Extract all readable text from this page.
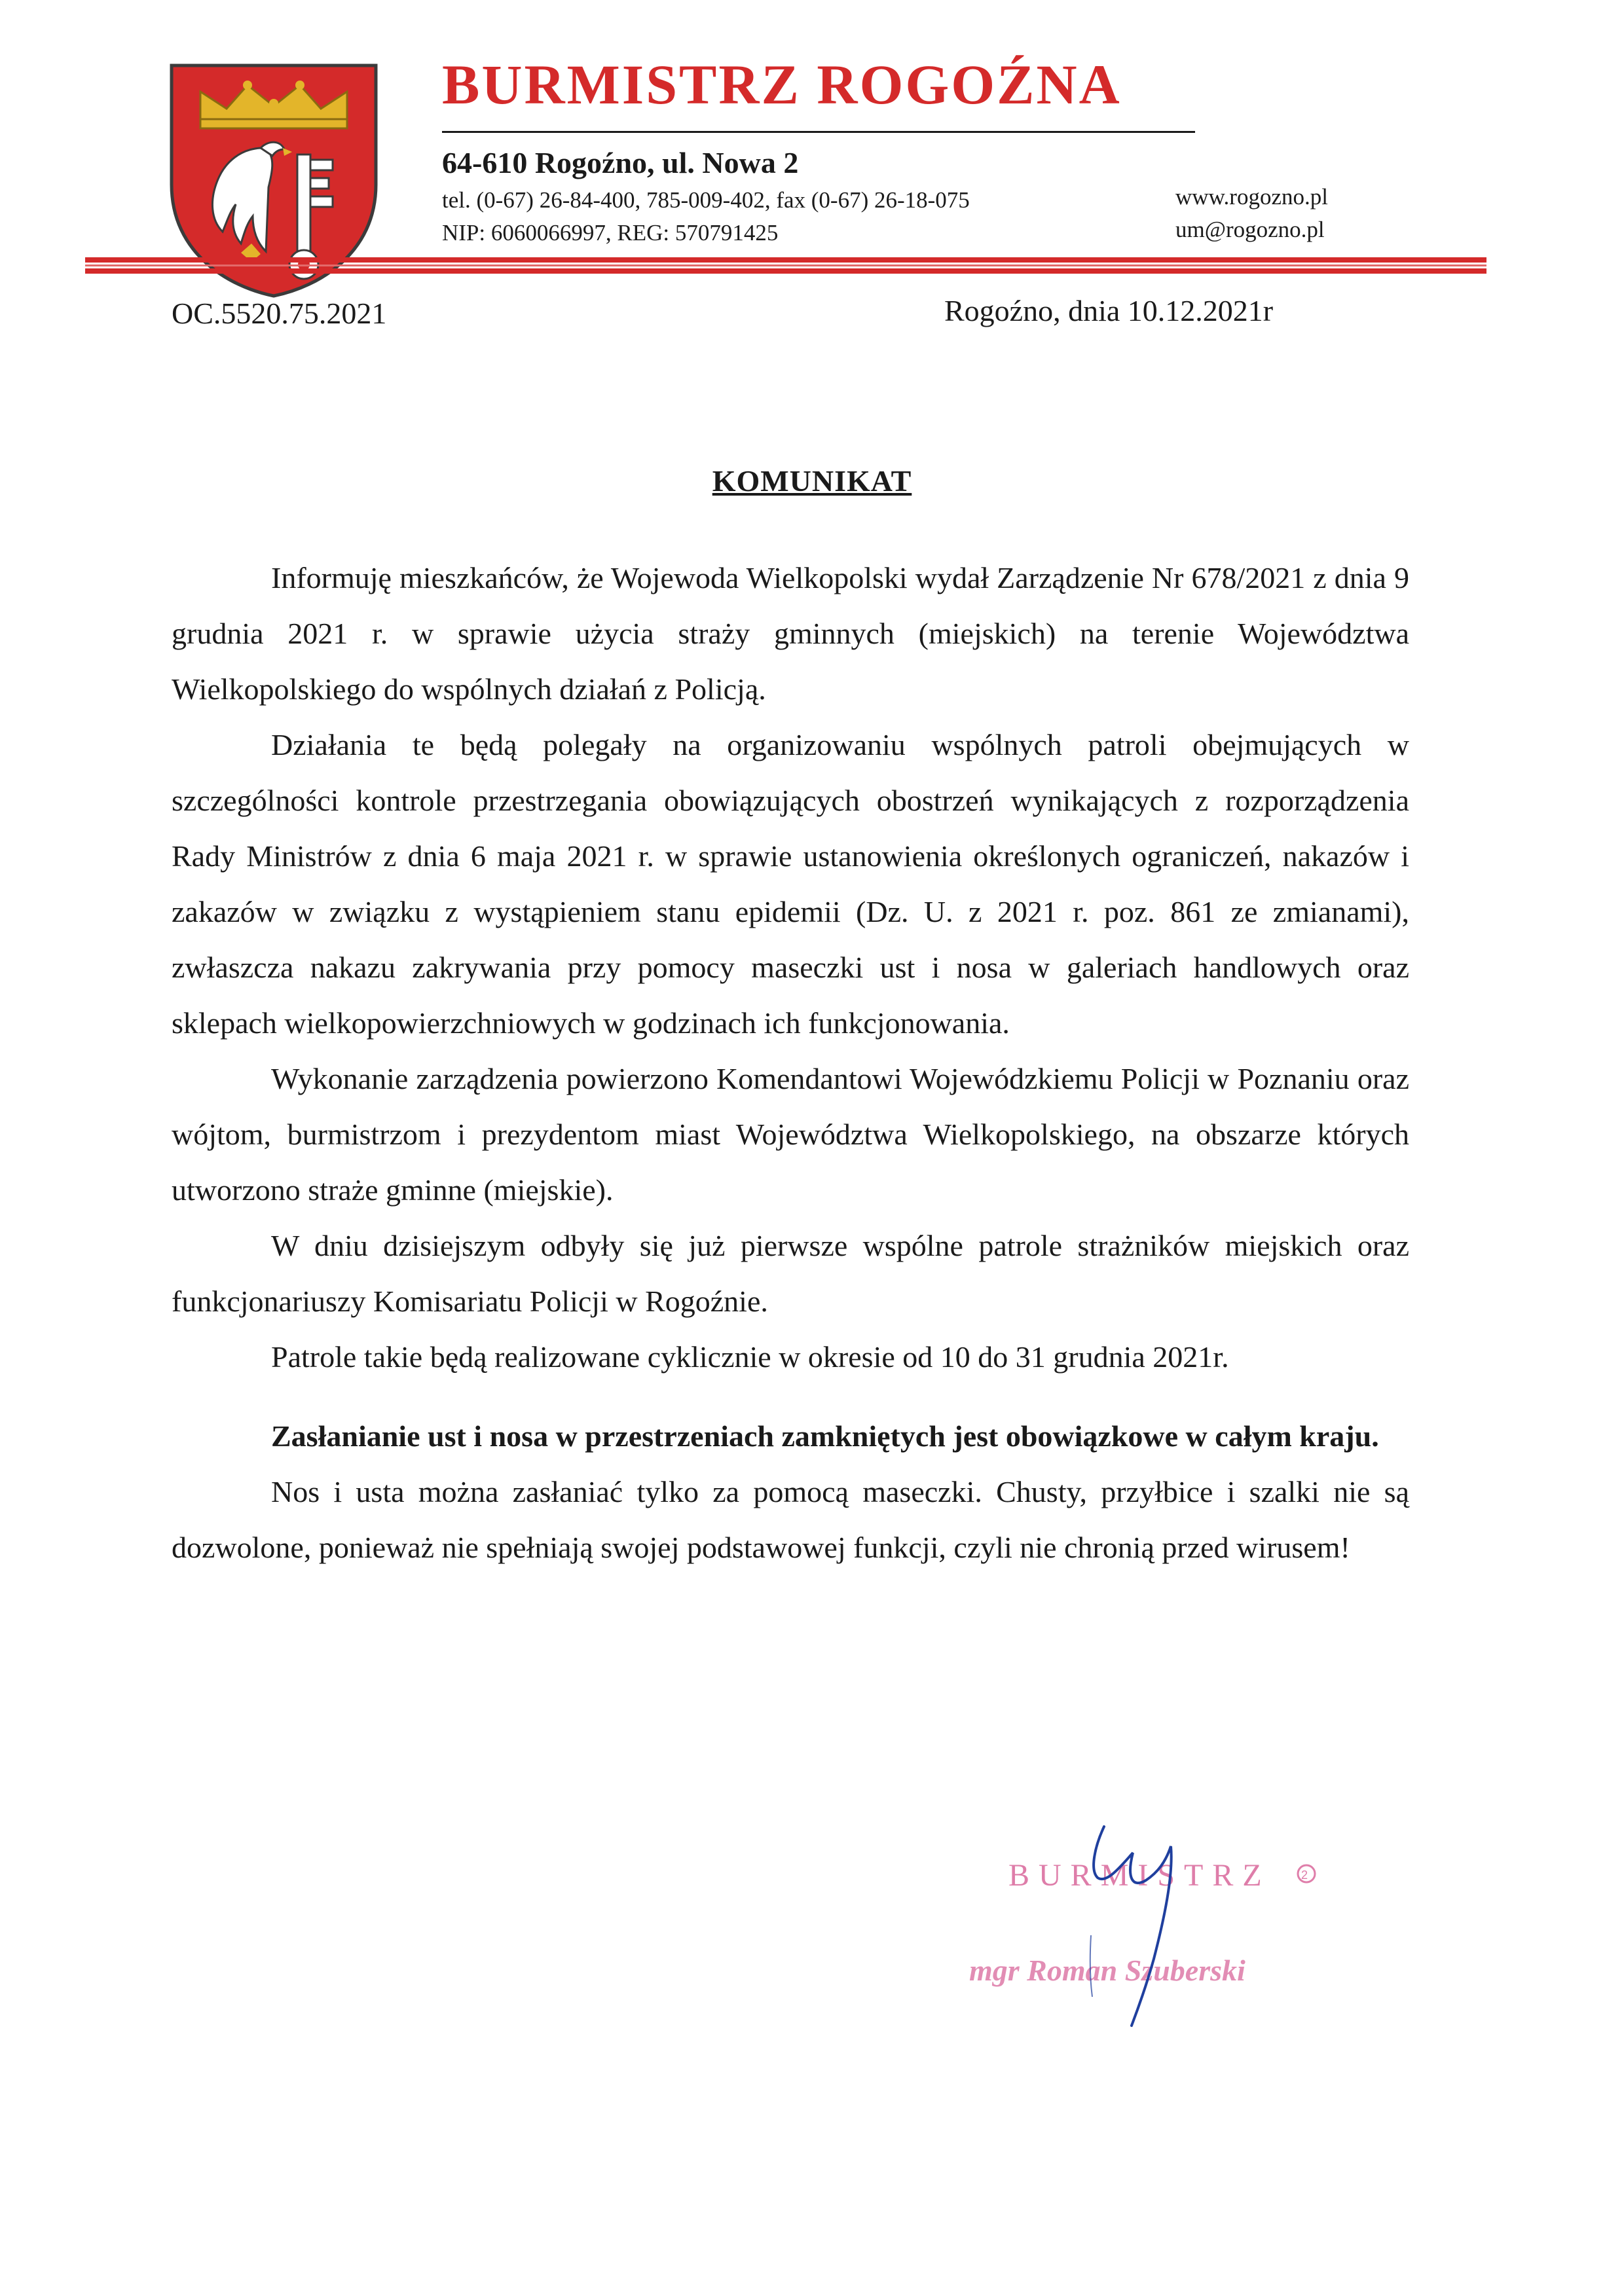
BURMISTRZ ROGOŹNA
64-610 Rogoźno, ul. Nowa 2
tel. (0-67) 26-84-400, 785-009-402, fax (0-67) 26-18-075
NIP: 6060066997, REG: 570791425
www.rogozno.pl
um@rogozno.pl
OC.5520.75.2021	Rogoźno, dnia 10.12.2021r
KOMUNIKAT

Informuję mieszkańców, że Wojewoda Wielkopolski wydał Zarządzenie Nr 678/2021 z dnia 9 grudnia 2021 r. w sprawie użycia straży gminnych (miejskich) na terenie Województwa Wielkopolskiego do wspólnych działań z Policją.

Działania te będą polegały na organizowaniu wspólnych patroli obejmujących w szczególności kontrole przestrzegania obowiązujących obostrzeń wynikających z rozporządzenia Rady Ministrów z dnia 6 maja 2021 r. w sprawie ustanowienia określonych ograniczeń, nakazów i zakazów w związku z wystąpieniem stanu epidemii (Dz. U. z 2021 r. poz. 861 ze zmianami), zwłaszcza nakazu zakrywania przy pomocy maseczki ust i nosa w galeriach handlowych oraz sklepach wielkopowierzchniowych w godzinach ich funkcjonowania.

Wykonanie zarządzenia powierzono Komendantowi Wojewódzkiemu Policji w Poznaniu oraz wójtom, burmistrzom i prezydentom miast Województwa Wielkopolskiego, na obszarze których utworzono straże gminne (miejskie).

W dniu dzisiejszym odbyły się już pierwsze wspólne patrole strażników miejskich oraz funkcjonariuszy Komisariatu Policji w Rogoźnie.

Patrole takie będą realizowane cyklicznie w okresie od 10 do 31 grudnia 2021r.

Zasłanianie ust i nosa w przestrzeniach zamkniętych jest obowiązkowe w całym kraju.

Nos i usta można zasłaniać tylko za pomocą maseczki. Chusty, przyłbice i szalki nie są dozwolone, ponieważ nie spełniają swojej podstawowej funkcji, czyli nie chronią przed wirusem!

BURMISTRZ	2
mgr Roman Szuberski
